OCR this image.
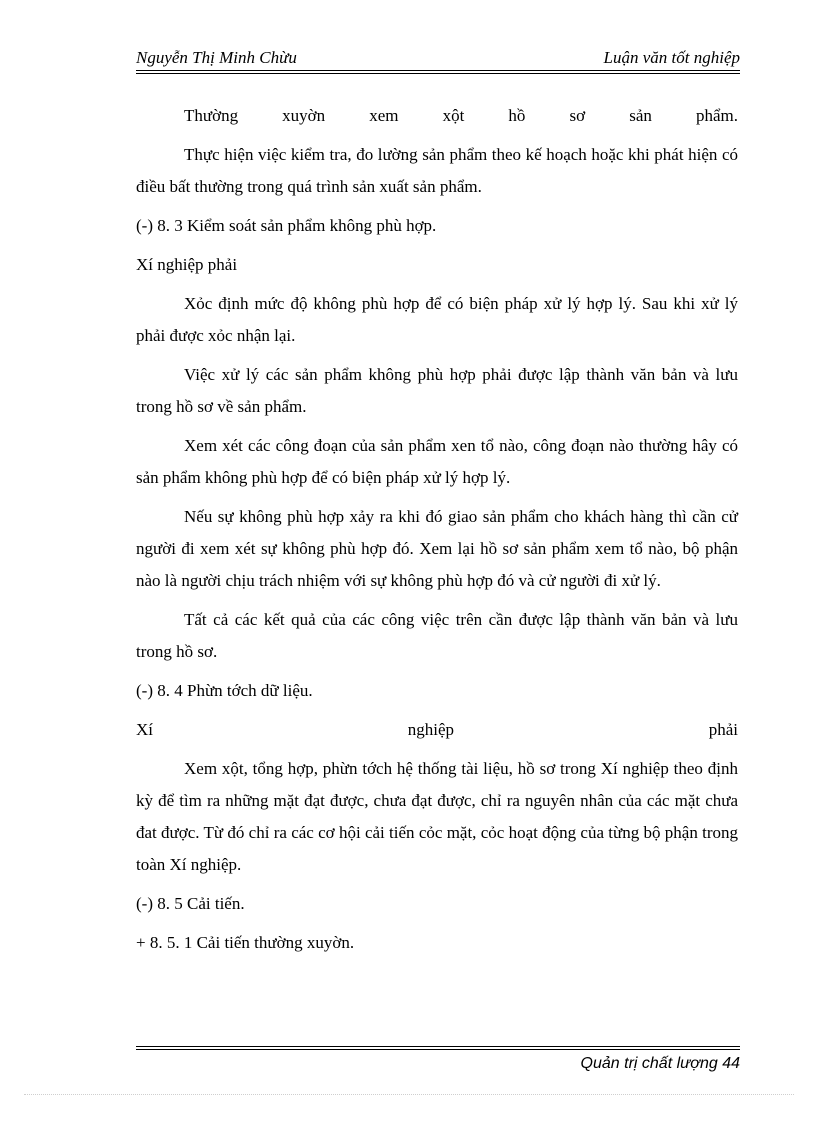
Nguyễn Thị Minh Chừu	Luận văn tốt nghiệp

Thường xuyờn xem xột hồ sơ sản phẩm.

Thực hiện việc kiểm tra, đo lường sản phẩm theo kế hoạch hoặc khi phát hiện có điều bất thường trong quá trình sản xuất sản phẩm.

(-) 8. 3 Kiểm soát sản phẩm không phù hợp.

Xí nghiệp phải

Xỏc định mức độ không phù hợp để có biện pháp xử lý hợp lý. Sau khi xử lý phải được xỏc nhận lại.

Việc xử lý các sản phẩm không phù hợp phải được lập thành văn bản và lưu trong hồ sơ về sản phẩm.

Xem xét các công đoạn của sản phẩm xen tổ nào, công đoạn nào thường hây có sản phẩm không phù hợp để có biện pháp xử lý hợp lý.

Nếu sự không phù hợp xảy ra khi đó giao sản phẩm cho khách hàng thì cần cử người đi xem xét sự không phù hợp đó. Xem lại hồ sơ sản phẩm xem tổ nào, bộ phận nào là người chịu trách nhiệm với sự không phù hợp đó và cử người đi xử lý.

Tất cả các kết quả của các công việc trên cần được lập thành văn bản và lưu trong hồ sơ.

(-) 8. 4 Phừn tớch dữ liệu.

Xí nghiệp phải

Xem xột, tổng hợp, phừn tớch hệ thống tài liệu, hồ sơ trong Xí nghiệp theo định kỳ để tìm ra những mặt đạt được, chưa đạt được, chỉ ra nguyên nhân của các mặt chưa đat được. Từ đó chỉ ra các cơ hội cải tiến cỏc mặt, cỏc hoạt động của từng bộ phận trong toàn Xí nghiệp.

(-) 8. 5 Cải tiến.

+ 8. 5. 1 Cải tiến thường xuyờn.

Quản trị chất lượng 44
